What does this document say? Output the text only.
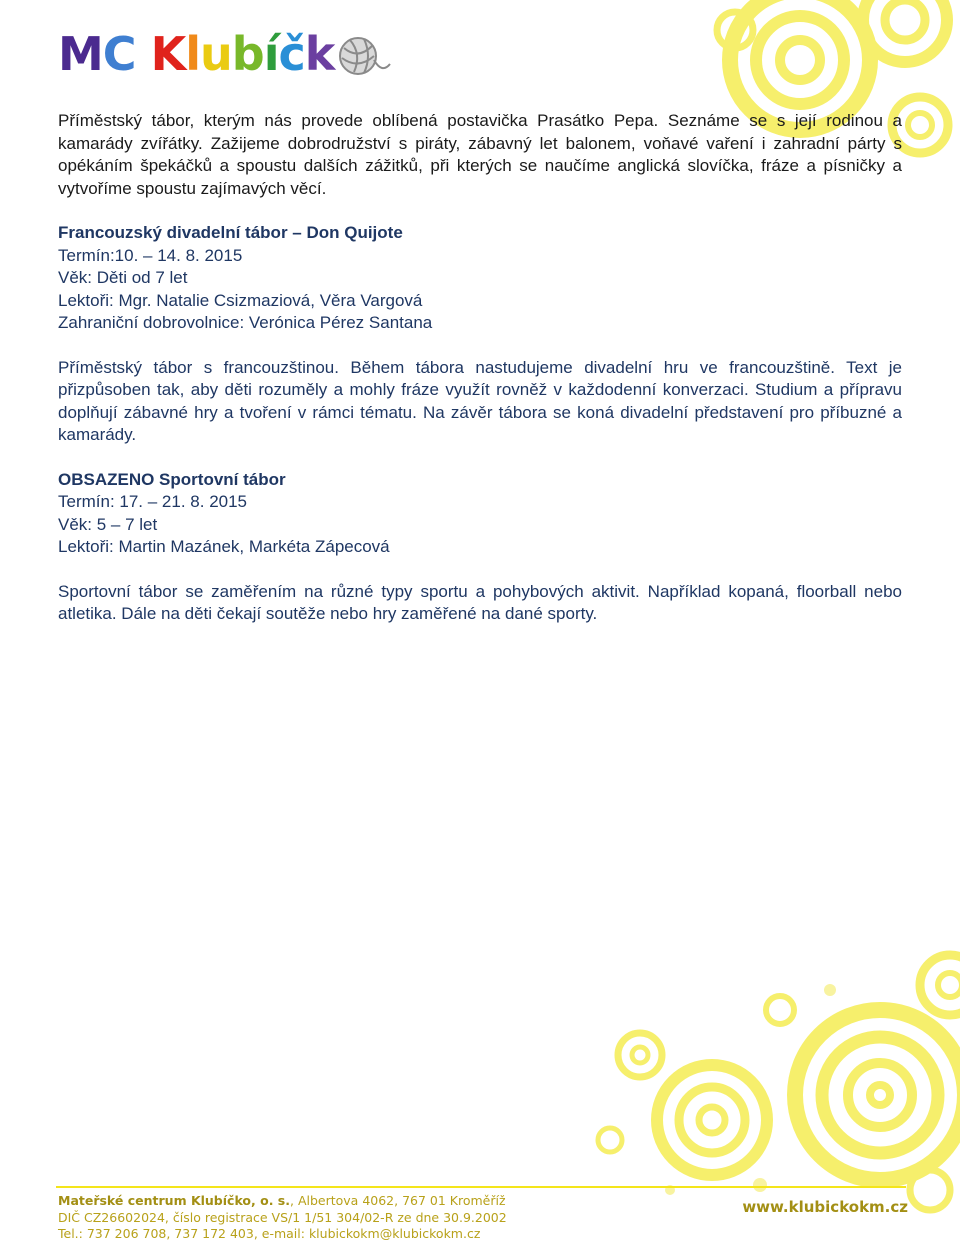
MC Klubíčk

Příměstský tábor, kterým nás provede oblíbená postavička Prasátko Pepa. Seznáme se s její rodinou a kamarády zvířátky. Zažijeme dobrodružství s piráty, zábavný let balonem, voňavé vaření i zahradní párty s opékáním špekáčků a spoustu dalších zážitků, při kterých se naučíme anglická slovíčka, fráze a písničky a vytvoříme spoustu zajímavých věcí.

Francouzský divadelní tábor – Don Quijote

Termín:10. – 14. 8. 2015

Věk: Děti od 7 let

Lektoři: Mgr. Natalie Csizmaziová, Věra Vargová

Zahraniční dobrovolnice: Verónica Pérez Santana

Příměstský tábor s francouzštinou. Během tábora nastudujeme divadelní hru ve francouzštině. Text je přizpůsoben tak, aby děti rozuměly a mohly fráze využít rovněž v každodenní konverzaci. Studium a přípravu doplňují zábavné hry a tvoření v rámci tématu. Na závěr tábora se koná divadelní představení pro příbuzné a kamarády.

OBSAZENO Sportovní tábor

Termín: 17. – 21. 8. 2015

Věk: 5 – 7 let

Lektoři: Martin Mazánek, Markéta Zápecová

Sportovní tábor se zaměřením na různé typy sportu a pohybových aktivit. Například kopaná, floorball nebo atletika. Dále na děti čekají soutěže nebo hry zaměřené na dané sporty.

Mateřské centrum Klubíčko, o. s., Albertova 4062, 767 01 Kroměříž
DIČ CZ26602024, číslo registrace VS/1 1/51 304/02-R ze dne 30.9.2002
Tel.: 737 206 708, 737 172 403, e-mail: klubickokm@klubickokm.cz
www.klubickokm.cz
